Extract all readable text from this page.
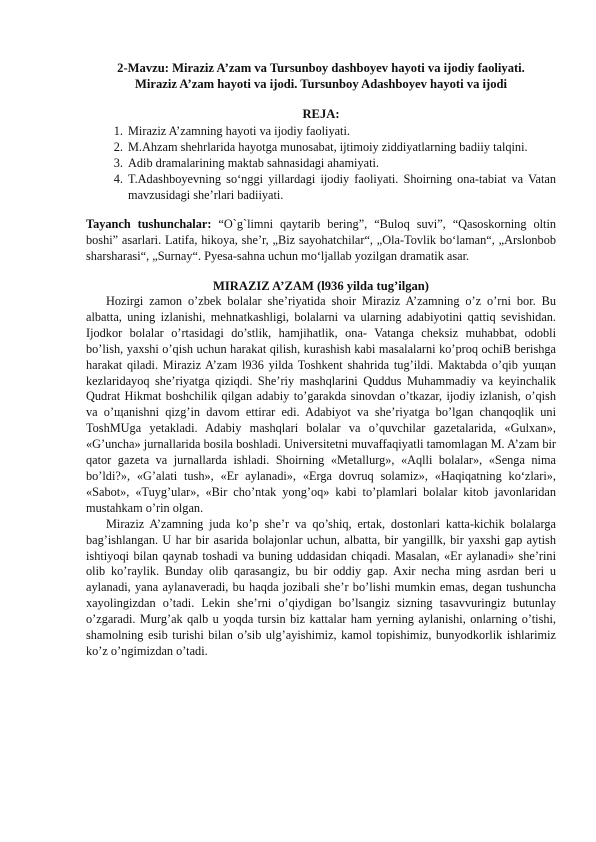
2-Mavzu: Miraziz A’zam va Tursunboy dashboyev hayoti va ijodiy faoliyati.
Miraziz A’zam hayoti va ijodi. Tursunboy Adashboyev hayoti va ijodi

REJA:
1. Miraziz A’zamning hayoti va ijodiy faoliyati.
2. M.Ahzam shehrlarida hayotga munosabat, ijtimoiy ziddiyatlarning badiiy talqini.
3. Adib dramalarining maktab sahnasidagi ahamiyati.
4. T.Adashboyevning so‘nggi yillardagi ijodiy faoliyati. Shoirning ona-tabiat va Vatan mavzusidagi she’rlari badiiyati.

Tayanch tushunchalar: “O`g`limni qaytarib bering”, “Buloq suvi”, “Qasoskorning oltin boshi” asarlari. Latifa, hikoya, she’r, „Biz sayohatchilar“, „Ola-Tovlik bo‘laman“, „Arslonbob sharsharasi“, „Surnay“. Pyesa-sahna uchun mo‘ljallab yozilgan dramatik asar.

MIRAZIZ A’ZAM (l936 yilda tug’ilgan)

Hozirgi zamon o’zbek bolalar she’riyatida shoir Miraziz A’zamning o’z o’rni bor. Bu albatta, uning izlanishi, mehnatkashligi, bolalarni va ularning adabiyotini qattiq sevishidan. Ijodkor bolalar o’rtasidagi do’stlik, hamjihatlik, ona- Vatanga cheksiz muhabbat, odobli bo’lish, yaxshi o’qish uchun harakat qilish, kurashish kabi masalalarni ko’proq ochiB berishga harakat qiladi. Miraziz A’zam l936 yilda Toshkent shahrida tug’ildi. Maktabda o’qib yuщan kezlaridayoq she’riyatga qiziqdi. She’riy mashqlarini Quddus Muhammadiy va keyinchalik Qudrat Hikmat boshchilik qilgan adabiy to’garakda sinovdan o’tkazar, ijodiy izlanish, o’qish va o’щanishni qizg’in davom ettirar edi. Adabiyot va she’riyatga bo’lgan chanqoqlik uni ToshMUga yetakladi. Adabiy mashqlari bolalar va o’quvchilar gazetalarida, «Gulxan», «G’uncha» jurnallarida bosila boshladi. Universitetni muvaffaqiyatli tamomlagan M. A’zam bir qator gazeta va jurnallarda ishladi. Shoirning «Metallurg», «Aqlli bolalar», «Senga nima bo’ldi?», «G’alati tush», «Er aylanadi», «Erga dovruq solamiz», «Haqiqatning ko‘zlari», «Sabot», «Tuyg’ular», «Bir cho’ntak yong’oq» kabi to’plamlari bolalar kitob javonlaridan mustahkam o’rin olgan.

Miraziz A’zamning juda ko’p she’r va qo’shiq, ertak, dostonlari katta-kichik bolalarga bag’ishlangan. U har bir asarida bolajonlar uchun, albatta, bir yangillk, bir yaxshi gap aytish ishtiyoqi bilan qaynab toshadi va buning uddasidan chiqadi. Masalan, «Er aylanadi» she’rini olib ko’raylik. Bunday olib qarasangiz, bu bir oddiy gap. Axir necha ming asrdan beri u aylanadi, yana aylanaveradi, bu haqda jozibali she’r bo’lishi mumkin emas, degan tushuncha xayolingizdan o’tadi. Lekin she’rni o’qiydigan bo’lsangiz sizning tasavvuringiz butunlay o’zgaradi. Murg’ak qalb u yoqda tursin biz kattalar ham yerning aylanishi, onlarning o’tishi, shamolning esib turishi bilan o’sib ulg’ayishimiz, kamol topishimiz, bunyodkorlik ishlarimiz ko’z o’ngimizdan o’tadi.
